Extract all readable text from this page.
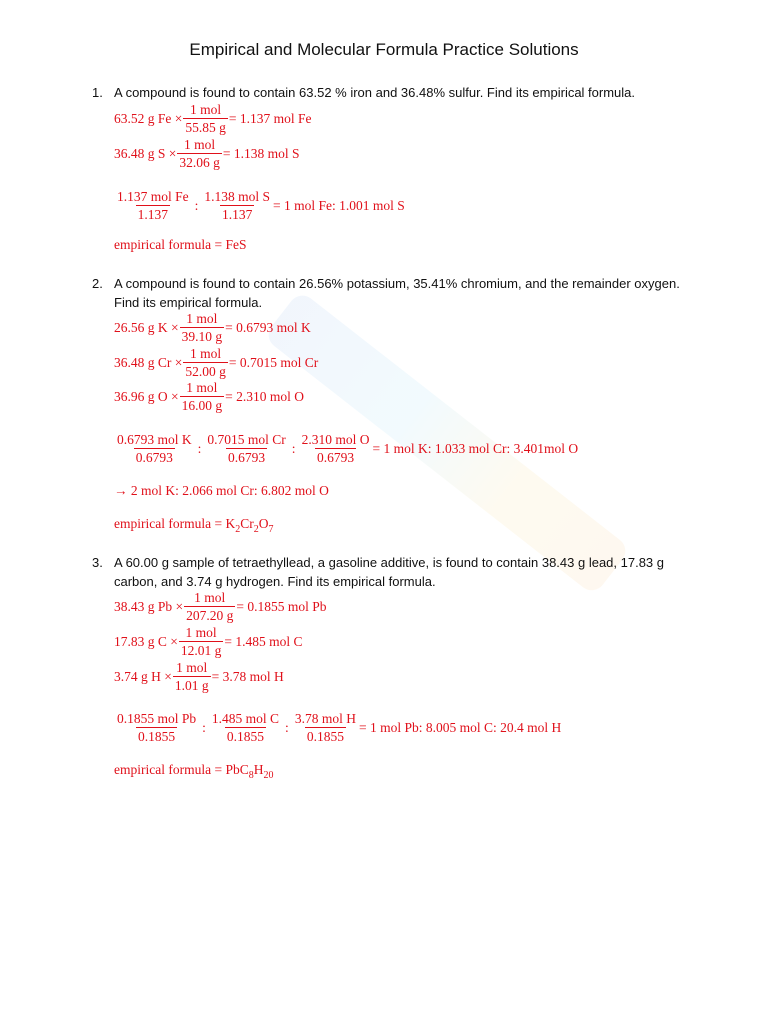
Empirical and Molecular Formula Practice Solutions
1. A compound is found to contain 63.52 % iron and 36.48% sulfur. Find its empirical formula.
63.52 g $Fe \times \frac{\text{1 mol}}{55.85 g} = 1.137$ mol Fe
36.48 g $S \times \frac{\text{1 mol}}{32.06 g} = 1.138$ mol S
$\frac{\text{1.137 mol Fe}}{1.137}$ : $\frac{\text{1.138 mol S}}{1.137} = 1$ mol Fe: 1.001 mol S
empirical formula =
FeS
2. A compound is found to contain 26.56% potassium, 35.41% chromium, and the remainder oxygen. Find its empirical formula.
26.56 g $K \times \frac{\text{1 mol}}{39.10 g} = 0.6793$ mol K
36.48 g $Cr \times \frac{\text{1 mol}}{52.00 g} = 0.7015$ mol Cr
36.96 g $O \times \frac{\text{1 mol}}{16.00 g} = 2.310$ mol O
$\frac{\text{0.6793 mol K}}{0.6793}$ : $\frac{\text{0.7015 mol Cr}}{0.6793}$ : $\frac{\text{2.310 mol O}}{0.6793} = 1$ mol K: 1.033 mol Cr: 3.401mol O
→ 2 mol K: 2.066 mol Cr: 6.802 mol O
empirical formula =
$K_2Cr_2O_7$
3. A 60.00 g sample of tetraethyllead, a gasoline additive, is found to contain 38.43 g lead, 17.83 g carbon, and 3.74 g hydrogen. Find its empirical formula.
38.43 g $Pb \times \frac{\text{1 mol}}{207.20 g} = 0.1855$ mol Pb
17.83 g $C \times \frac{\text{1 mol}}{12.01 g} = 1.485$ mol C
3.74 g $H \times \frac{\text{1 mol}}{1.01 g} = 3.78$ mol H
$\frac{\text{0.1855 mol Pb}}{0.1855}$ : $\frac{\text{1.485 mol C}}{0.1855}$ : $\frac{\text{3.78 mol H}}{0.1855} = 1$ mol Pb: 8.005 mol C: 20.4 mol H
empirical formula =
$PbC_8H_{20}$
